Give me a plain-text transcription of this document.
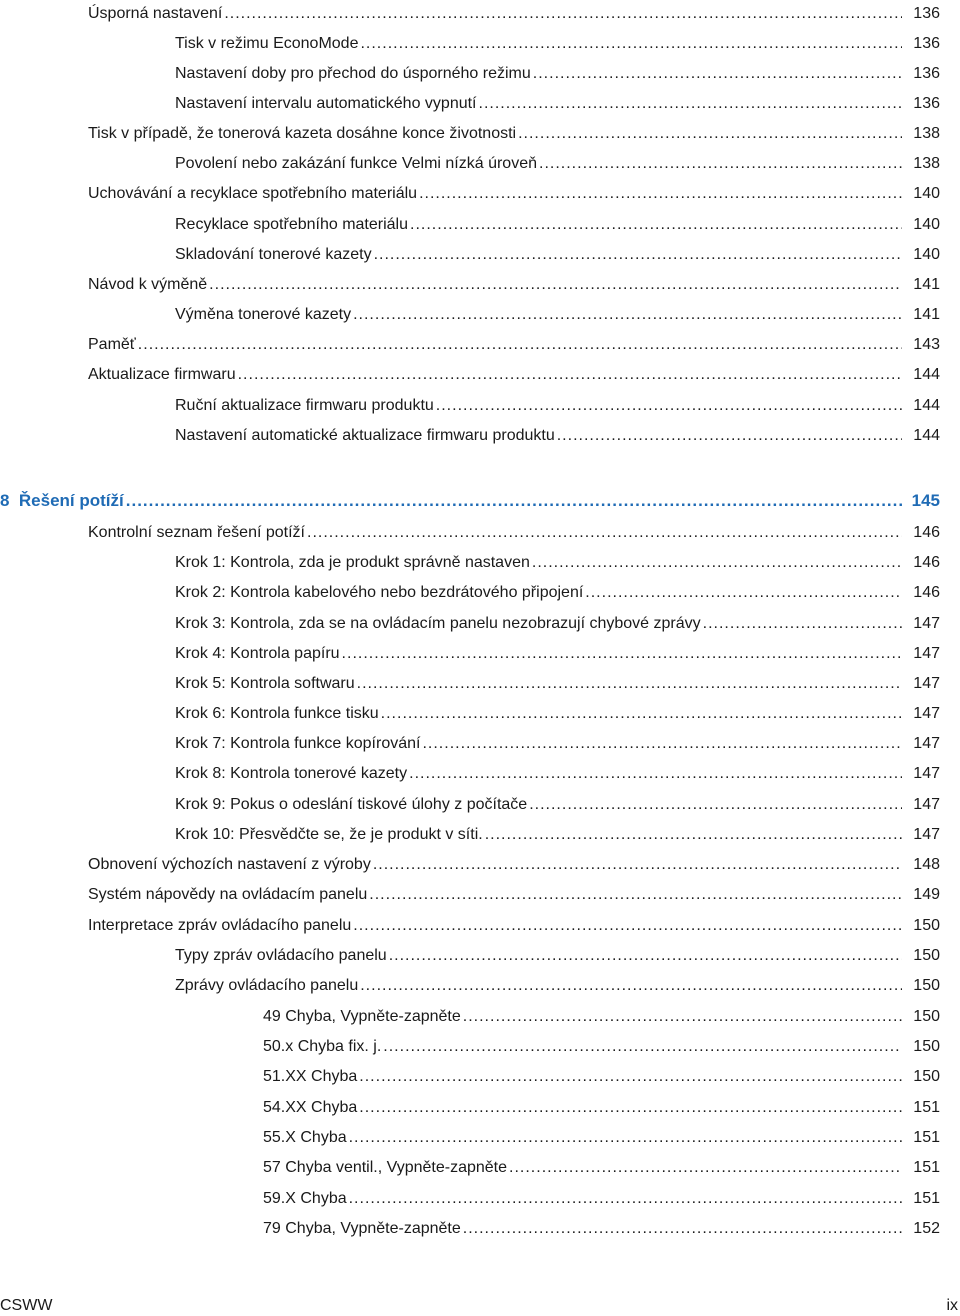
Úsporná nastavení .....	136
Tisk v režimu EconoMode .....	136
Nastavení doby pro přechod do úsporného režimu .....	136
Nastavení intervalu automatického vypnutí .....	136
Tisk v případě, že tonerová kazeta dosáhne konce životnosti .....	138
Povolení nebo zakázání funkce Velmi nízká úroveň .....	138
Uchovávání a recyklace spotřebního materiálu .....	140
Recyklace spotřebního materiálu .....	140
Skladování tonerové kazety .....	140
Návod k výměně .....	141
Výměna tonerové kazety .....	141
Paměť .....	143
Aktualizace firmwaru .....	144
Ruční aktualizace firmwaru produktu .....	144
Nastavení automatické aktualizace firmwaru produktu .....	144
8  Řešení potíží .....	145
Kontrolní seznam řešení potíží .....	146
Krok 1: Kontrola, zda je produkt správně nastaven .....	146
Krok 2: Kontrola kabelového nebo bezdrátového připojení .....	146
Krok 3: Kontrola, zda se na ovládacím panelu nezobrazují chybové zprávy .....	147
Krok 4: Kontrola papíru .....	147
Krok 5: Kontrola softwaru .....	147
Krok 6: Kontrola funkce tisku .....	147
Krok 7: Kontrola funkce kopírování .....	147
Krok 8: Kontrola tonerové kazety .....	147
Krok 9: Pokus o odeslání tiskové úlohy z počítače .....	147
Krok 10: Přesvědčte se, že je produkt v síti. .....	147
Obnovení výchozích nastavení z výroby .....	148
Systém nápovědy na ovládacím panelu .....	149
Interpretace zpráv ovládacího panelu .....	150
Typy zpráv ovládacího panelu .....	150
Zprávy ovládacího panelu .....	150
49 Chyba, Vypněte-zapněte .....	150
50.x Chyba fix. j. .....	150
51.XX Chyba .....	150
54.XX Chyba .....	151
55.X Chyba .....	151
57 Chyba ventil., Vypněte-zapněte .....	151
59.X Chyba .....	151
79 Chyba, Vypněte-zapněte .....	152
CSWW	ix
